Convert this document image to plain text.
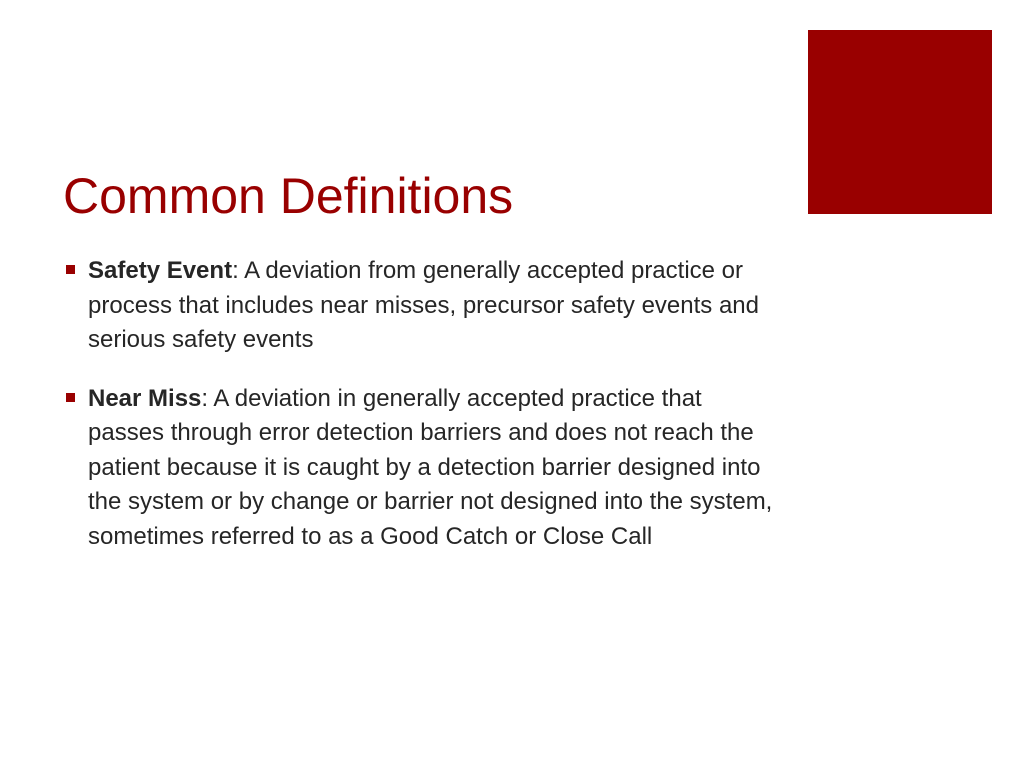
Common Definitions
Safety Event: A deviation from generally accepted practice or process that includes near misses, precursor safety events and serious safety events
Near Miss: A deviation in generally accepted practice that passes through error detection barriers and does not reach the patient because it is caught by a detection barrier designed into the system or by change or barrier not designed into the system, sometimes referred to as a Good Catch or Close Call
